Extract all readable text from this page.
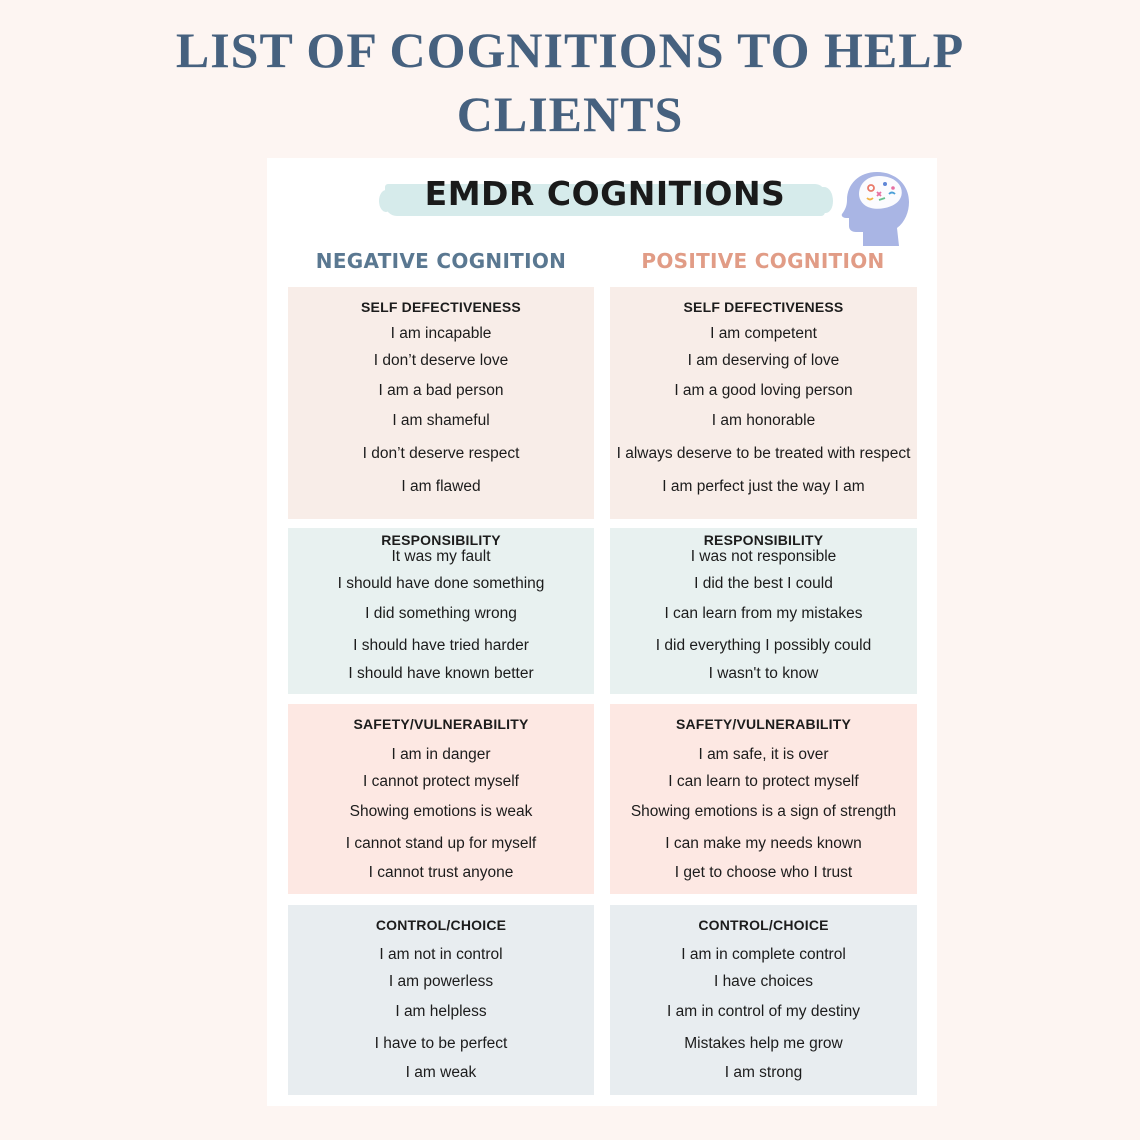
LIST OF COGNITIONS TO HELP
CLIENTS
EMDR COGNITIONS
NEGATIVE COGNITION	POSITIVE COGNITION
SELF DEFECTIVENESS
I am incapable
I don’t deserve love
I am a bad person
I am shameful
I don’t deserve respect
I am flawed
SELF DEFECTIVENESS
I am competent
I am deserving of love
I am a good loving person
I am honorable
I always deserve to be treated with respect
I am perfect just the way I am
RESPONSIBILITY
It was my fault
I should have done something
I did something wrong
I should have tried harder
I should have known better
RESPONSIBILITY
I was not responsible
I did the best I could
I can learn from my mistakes
I did everything I possibly could
I wasn't to know
SAFETY/VULNERABILITY
I am in danger
I cannot protect myself
Showing emotions is weak
I cannot stand up for myself
I cannot trust anyone
SAFETY/VULNERABILITY
I am safe, it is over
I can learn to protect myself
Showing emotions is a sign of strength
I can make my needs known
I get to choose who I trust
CONTROL/CHOICE
I am not in control
I am powerless
I am helpless
I have to be perfect
I am weak
CONTROL/CHOICE
I am in complete control
I have choices
I am in control of my destiny
Mistakes help me grow
I am strong
